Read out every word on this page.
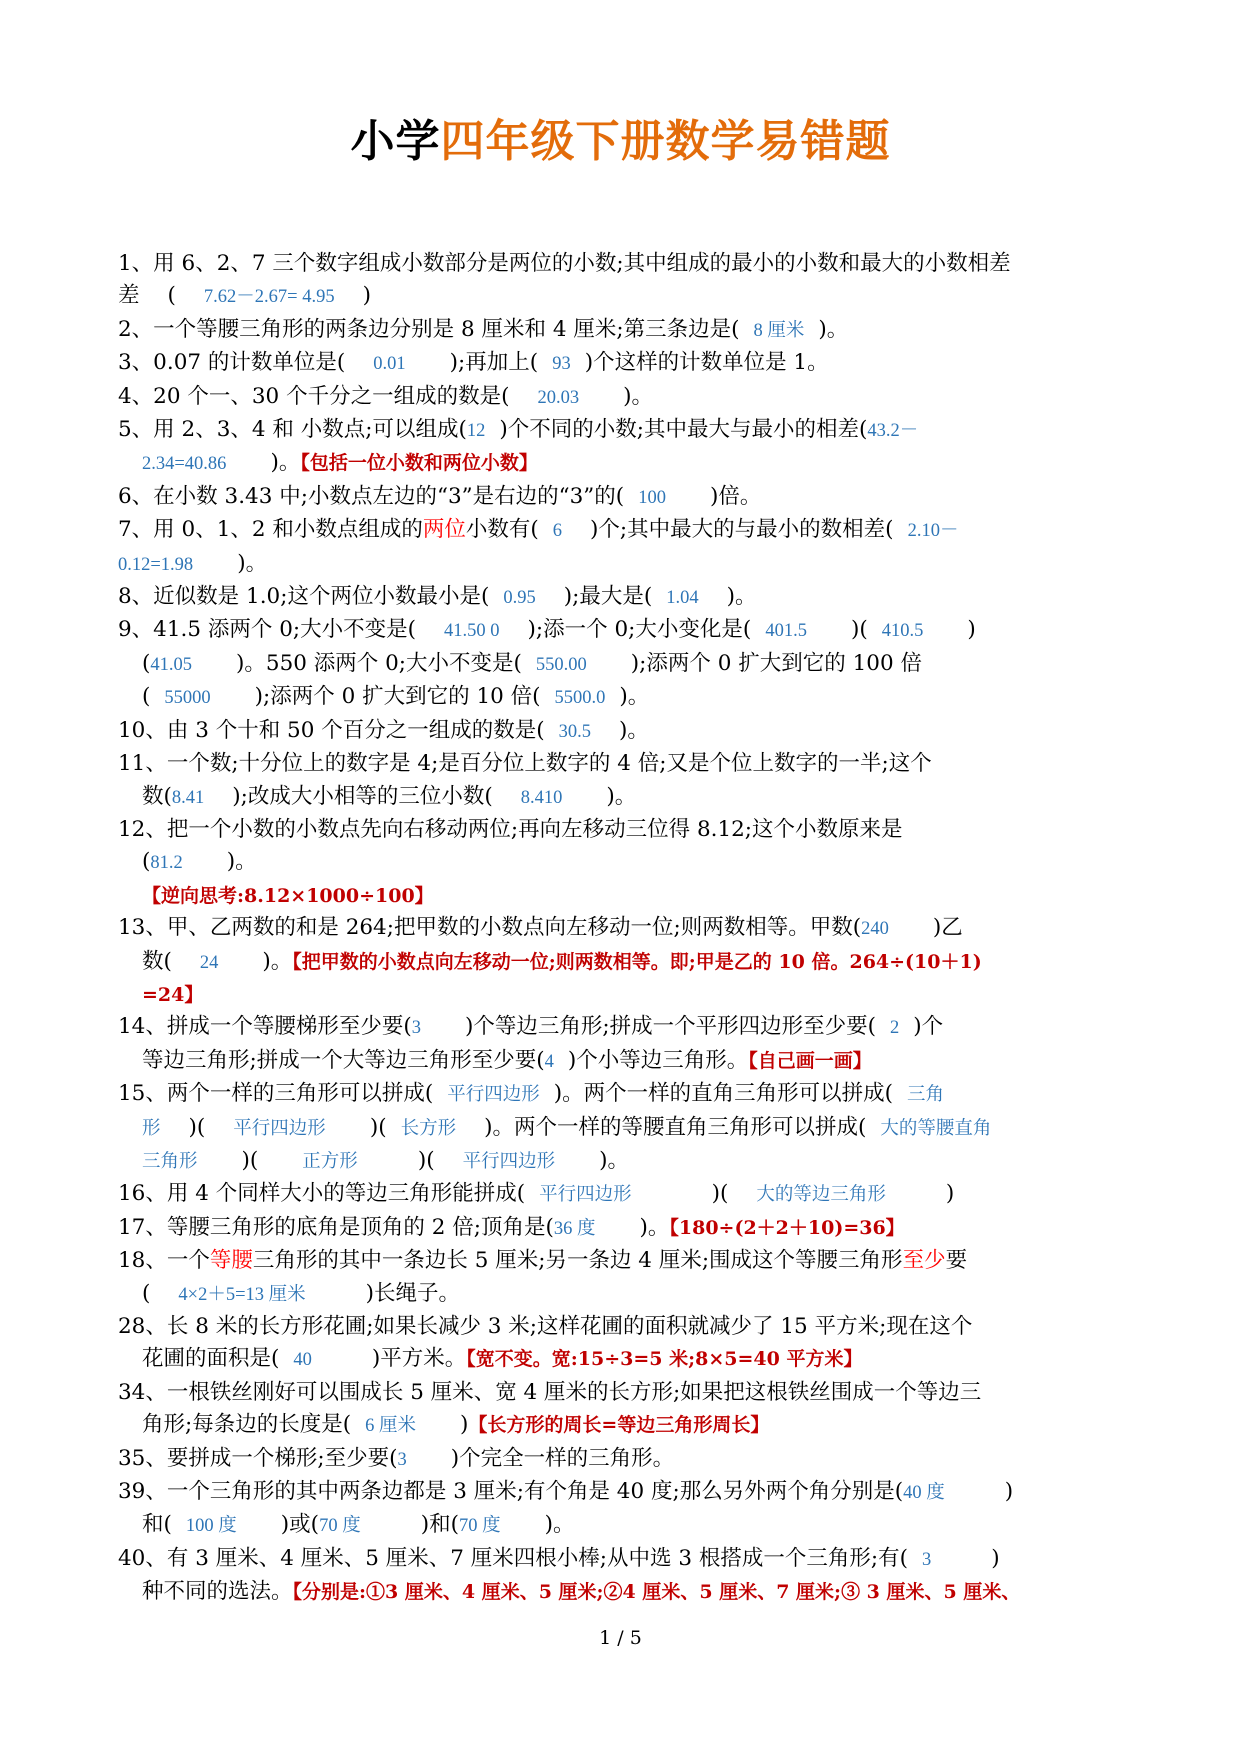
小学四年级下册数学易错题

1、用 6、2、7 三个数字组成小数部分是两位的小数;其中组成的最小的小数和最大的小数相差
差 ( 7.62－2.67= 4.95 )

2、一个等腰三角形的两条边分别是 8 厘米和 4 厘米;第三条边是( 8 厘米 )。

3、0.07 的计数单位是( 0.01 );再加上( 93 )个这样的计数单位是 1。

4、20 个一、30 个千分之一组成的数是( 20.03 )。

5、用 2、3、4 和 小数点;可以组成(12 )个不同的小数;其中最大与最小的相差(43.2－
2.34=40.86 )。【包括一位小数和两位小数】

6、在小数 3.43 中;小数点左边的“3”是右边的“3”的( 100 )倍。

7、用 0、1、2 和小数点组成的两位小数有( 6 )个;其中最大的与最小的数相差( 2.10－
0.12=1.98 )。

8、近似数是 1.0;这个两位小数最小是( 0.95 );最大是( 1.04 )。

9、41.5 添两个 0;大小不变是( 41.50 0 );添一个 0;大小变化是( 401.5 )( 410.5 )
(41.05 )。550 添两个 0;大小不变是( 550.00 );添两个 0 扩大到它的 100 倍
( 55000 );添两个 0 扩大到它的 10 倍( 5500.0 )。

10、由 3 个十和 50 个百分之一组成的数是( 30.5 )。

11、一个数;十分位上的数字是 4;是百分位上数字的 4 倍;又是个位上数字的一半;这个
数(8.41 );改成大小相等的三位小数( 8.410 )。

12、把一个小数的小数点先向右移动两位;再向左移动三位得 8.12;这个小数原来是
(81.2 )。
【逆向思考:8.12×1000÷100】

13、甲、乙两数的和是 264;把甲数的小数点向左移动一位;则两数相等。甲数(240 )乙
数( 24 )。【把甲数的小数点向左移动一位;则两数相等。即;甲是乙的 10 倍。264÷(10＋1)
=24】

14、拼成一个等腰梯形至少要(3 )个等边三角形;拼成一个平形四边形至少要( 2 )个
等边三角形;拼成一个大等边三角形至少要(4 )个小等边三角形。【自己画一画】

15、两个一样的三角形可以拼成( 平行四边形 )。两个一样的直角三角形可以拼成( 三角
形 )( 平行四边形 )( 长方形 )。两个一样的等腰直角三角形可以拼成( 大的等腰直角
三角形 )( 正方形	)( 平行四边形 )。

16、用 4 个同样大小的等边三角形能拼成( 平行四边形	)( 大的等边三角形	)

17、等腰三角形的底角是顶角的 2 倍;顶角是(36 度 )。【180÷(2＋2＋10)=36】

18、一个等腰三角形的其中一条边长 5 厘米;另一条边 4 厘米;围成这个等腰三角形至少要
( 4×2＋5=13 厘米	)长绳子。

28、长 8 米的长方形花圃;如果长减少 3 米;这样花圃的面积就减少了 15 平方米;现在这个
花圃的面积是( 40	)平方米。【宽不变。宽:15÷3=5 米;8×5=40 平方米】

34、一根铁丝刚好可以围成长 5 厘米、宽 4 厘米的长方形;如果把这根铁丝围成一个等边三
角形;每条边的长度是( 6 厘米 )【长方形的周长=等边三角形周长】

35、要拼成一个梯形;至少要(3 )个完全一样的三角形。

39、一个三角形的其中两条边都是 3 厘米;有个角是 40 度;那么另外两个角分别是(40 度	)
和( 100 度 )或(70 度	)和(70 度 )。

40、有 3 厘米、4 厘米、5 厘米、7 厘米四根小棒;从中选 3 根搭成一个三角形;有( 3	)
种不同的选法。【分别是:①3 厘米、4 厘米、5 厘米;②4 厘米、5 厘米、7 厘米;③ 3 厘米、5 厘米、

1 / 5
